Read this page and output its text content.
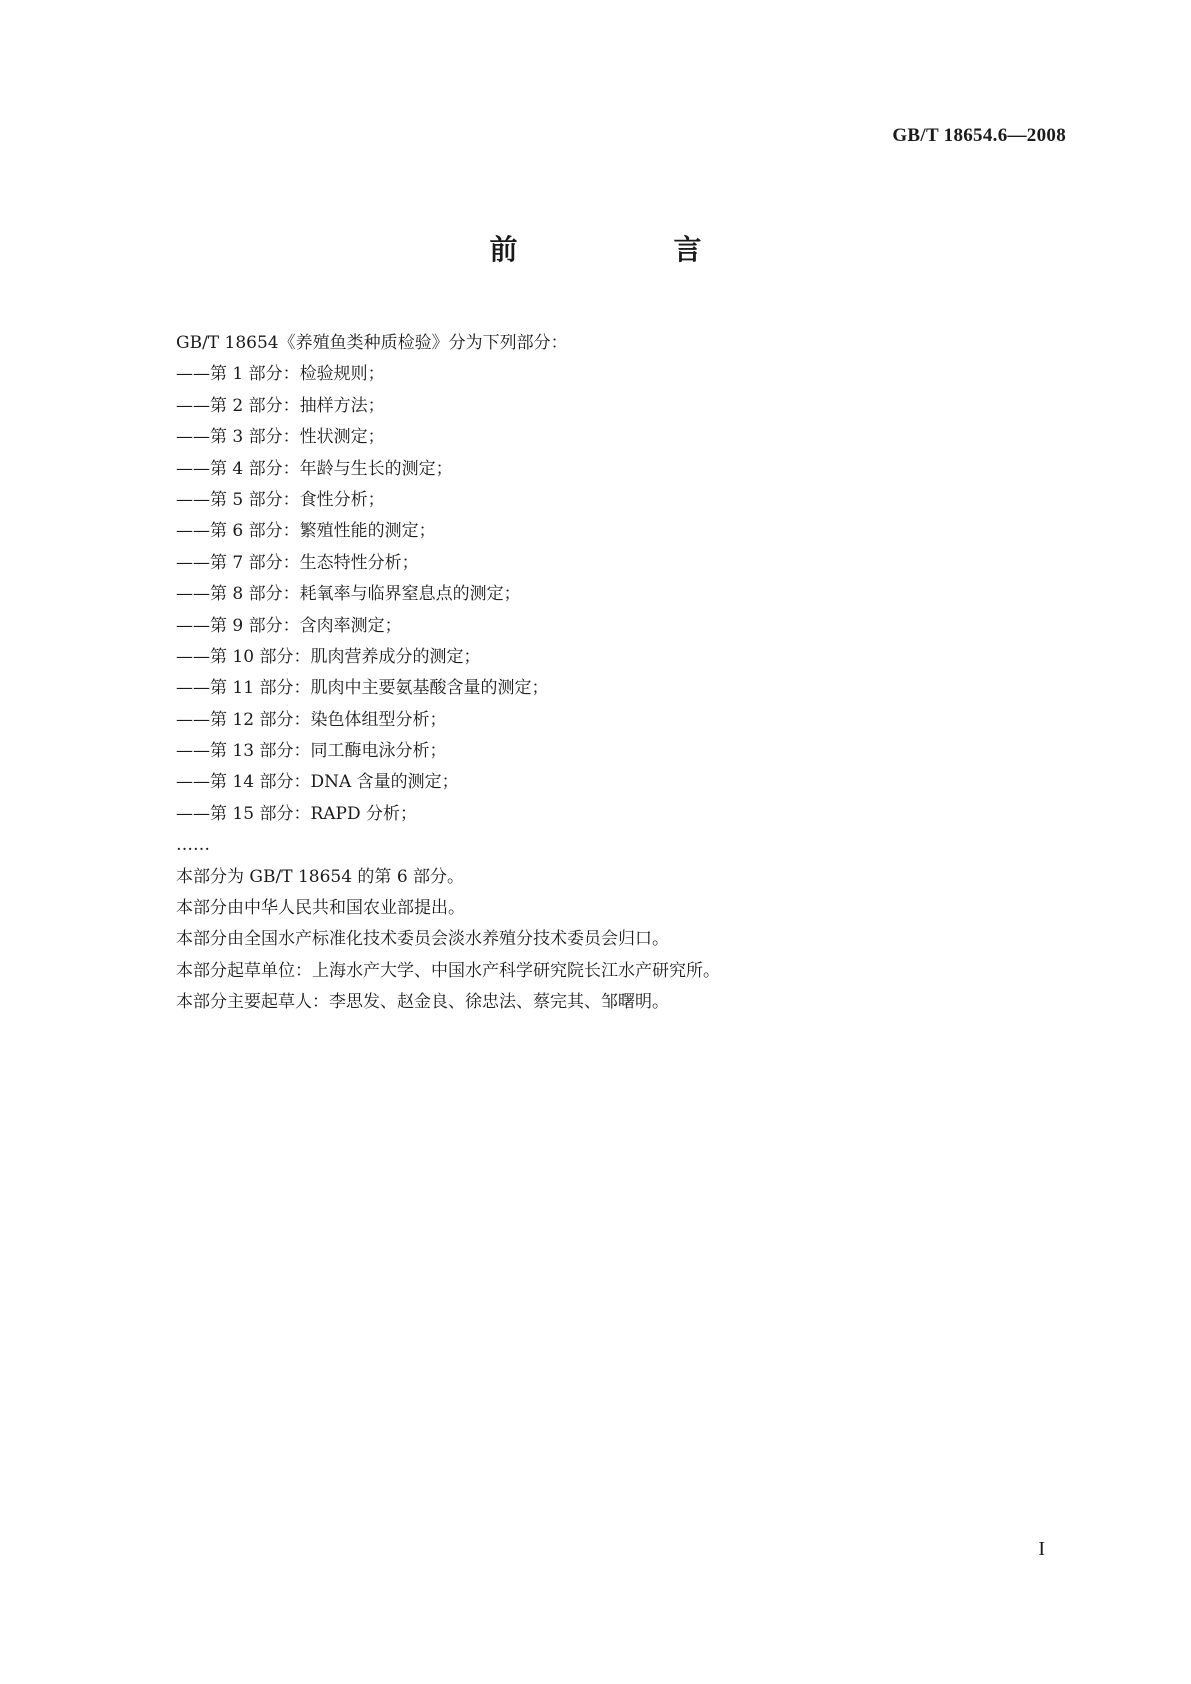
GB/T 18654.6—2008
前　言
GB/T 18654《养殖鱼类种质检验》分为下列部分：
——第 1 部分：检验规则；
——第 2 部分：抽样方法；
——第 3 部分：性状测定；
——第 4 部分：年龄与生长的测定；
——第 5 部分：食性分析；
——第 6 部分：繁殖性能的测定；
——第 7 部分：生态特性分析；
——第 8 部分：耗氧率与临界窒息点的测定；
——第 9 部分：含肉率测定；
——第 10 部分：肌肉营养成分的测定；
——第 11 部分：肌肉中主要氨基酸含量的测定；
——第 12 部分：染色体组型分析；
——第 13 部分：同工酶电泳分析；
——第 14 部分：DNA 含量的测定；
——第 15 部分：RAPD 分析；
……
本部分为 GB/T 18654 的第 6 部分。
本部分由中华人民共和国农业部提出。
本部分由全国水产标准化技术委员会淡水养殖分技术委员会归口。
本部分起草单位：上海水产大学、中国水产科学研究院长江水产研究所。
本部分主要起草人：李思发、赵金良、徐忠法、蔡完其、邹曙明。
I
